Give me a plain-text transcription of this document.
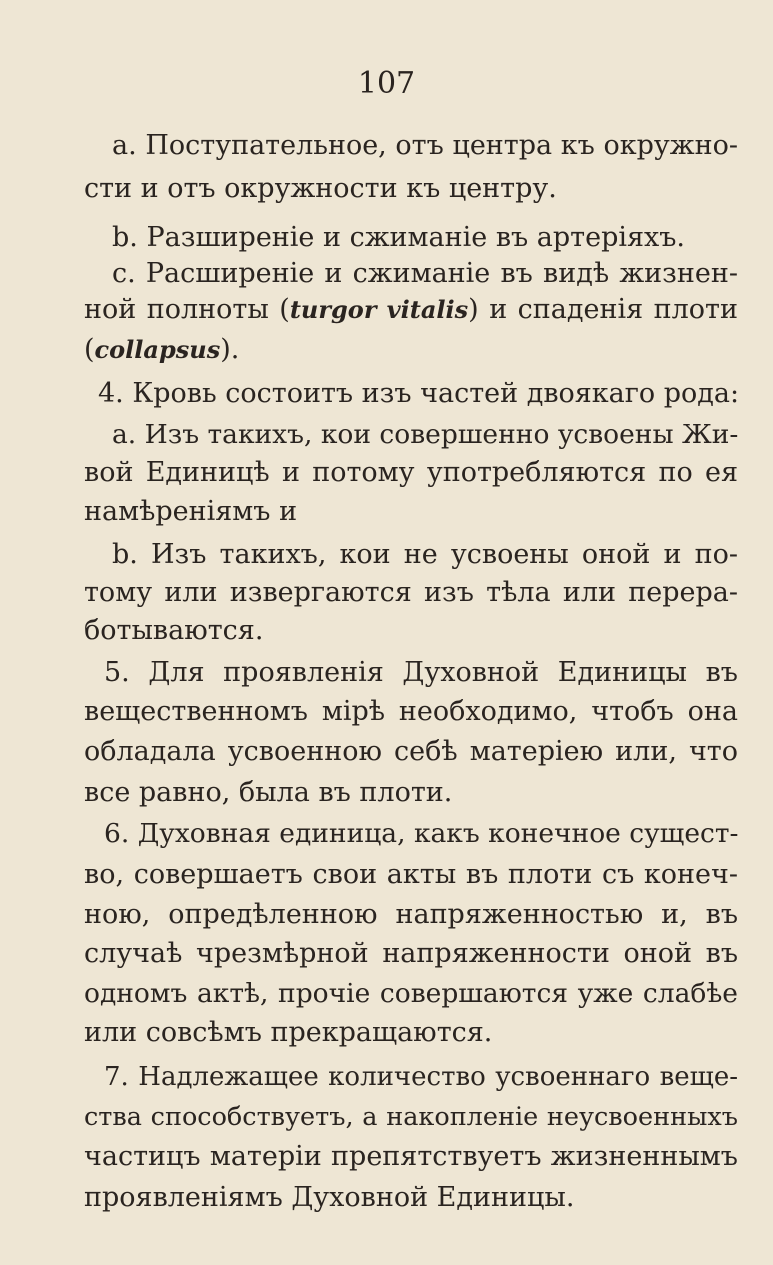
107
a. Поступательное, отъ центра къ окружно-
сти и отъ окружности къ центру.
b. Разширеніе и сжиманіе въ артеріяхъ.
c. Расширеніе и сжиманіе въ видѣ жизнен-
ной полноты (turgor vitalis) и спаденія плоти
(collapsus).
4. Кровь состоитъ изъ частей двоякаго рода:
a. Изъ такихъ, кои совершенно усвоены Жи-
вой Единицѣ и потому употребляются по ея
намѣреніямъ и
b. Изъ такихъ, кои не усвоены оной и по-
тому или извергаются изъ тѣла или перера-
ботываются.
5. Для проявленія Духовной Единицы въ
вещественномъ мірѣ необходимо, чтобъ она
обладала усвоенною себѣ матеріею или, что
все равно, была въ плоти.
6. Духовная единица, какъ конечное сущест-
во, совершаетъ свои акты въ плоти съ конеч-
ною, опредѣленною напряженностью и, въ
случаѣ чрезмѣрной напряженности оной въ
одномъ актѣ, прочіе совершаются уже слабѣе
или совсѣмъ прекращаются.
7. Надлежащее количество усвоеннаго веще-
ства способствуетъ, а накопленіе неусвоенныхъ
частицъ матеріи препятствуетъ жизненнымъ
проявленіямъ Духовной Единицы.
